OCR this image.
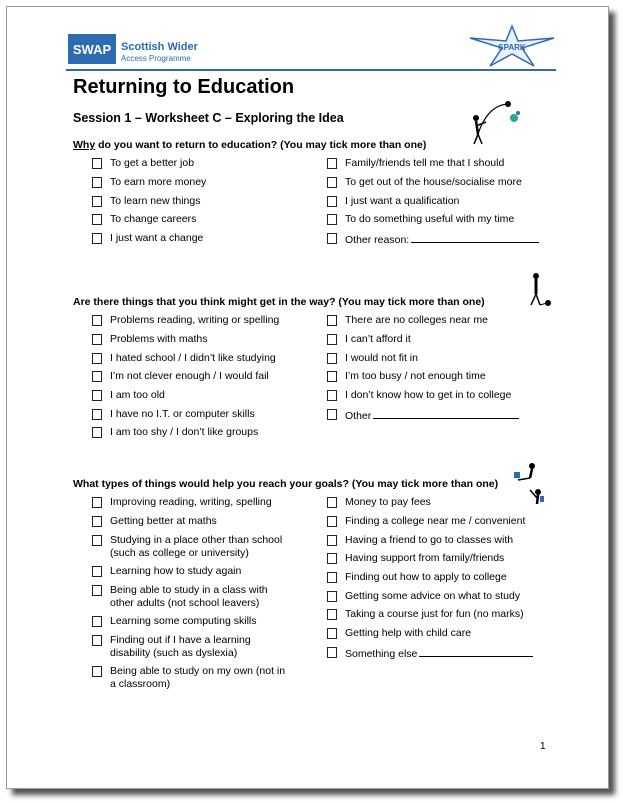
SWAP Scottish Wider
Access Programme
SPARK
Returning to Education
Session 1 – Worksheet C – Exploring the Idea
Why do you want to return to education? (You may tick more than one)
To get a better job
To earn more money
To learn new things
To change careers
I just want a change
Family/friends tell me that I should
To get out of the house/socialise more
I just want a qualification
To do something useful with my time
Other reason:
Are there things that you think might get in the way? (You may tick more than one)
Problems reading, writing or spelling
Problems with maths
I hated school / I didn’t like studying
I’m not clever enough / I would fail
I am too old
I have no I.T. or computer skills
I am too shy / I don’t like groups
There are no colleges near me
I can’t afford it
I would not fit in
I’m too busy / not enough time
I don’t know how to get in to college
Other
What types of things would help you reach your goals? (You may tick more than one)
Improving reading, writing, spelling
Getting better at maths
Studying in a place other than school
(such as college or university)
Learning how to study again
Being able to study in a class with
other adults (not school leavers)
Learning some computing skills
Finding out if I have a learning
disability (such as dyslexia)
Being able to study on my own (not in
a classroom)
Money to pay fees
Finding a college near me / convenient
Having a friend to go to classes with
Having support from family/friends
Finding out how to apply to college
Getting some advice on what to study
Taking a course just for fun (no marks)
Getting help with child care
Something else
1
